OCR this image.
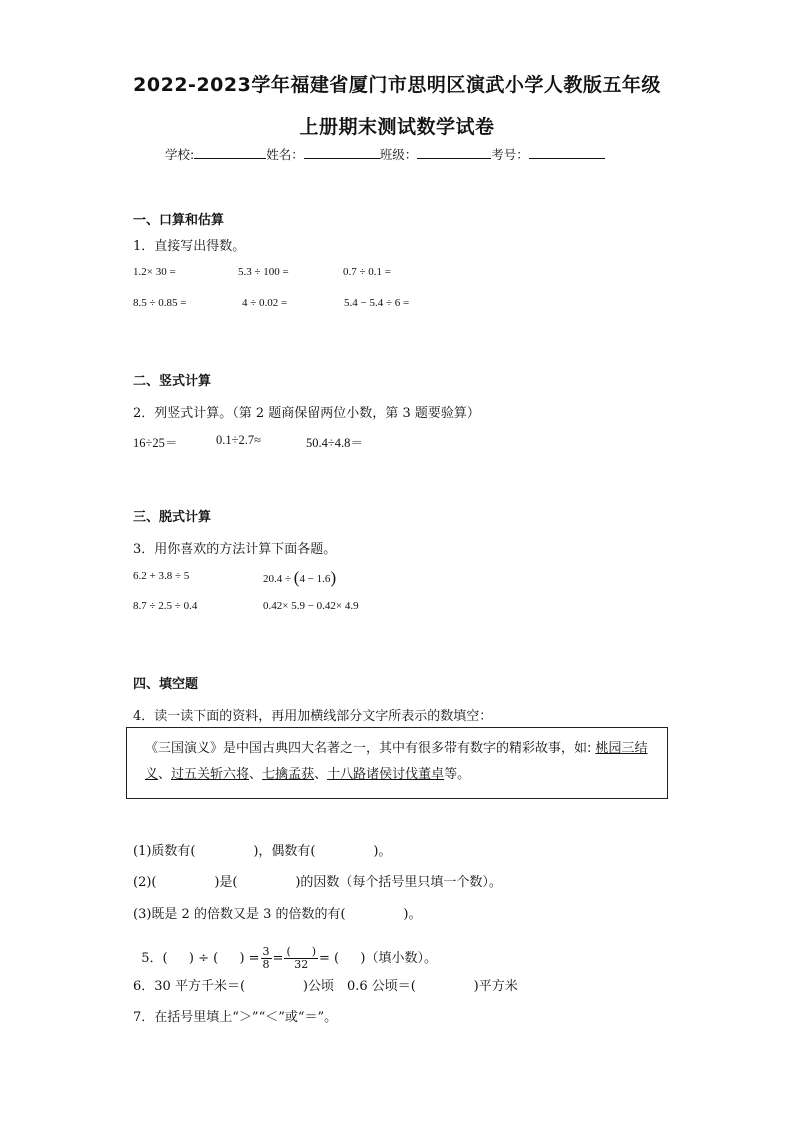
2022-2023学年福建省厦门市思明区演武小学人教版五年级
上册期末测试数学试卷
学校:	姓名：	班级：	考号：
一、口算和估算
1．直接写出得数。
1.2× 30 =	5.3 ÷ 100 =	0.7 ÷ 0.1 =
8.5 ÷ 0.85 =	4 ÷ 0.02 =	5.4 − 5.4 ÷ 6 =
二、竖式计算
2．列竖式计算。（第 2 题商保留两位小数，第 3 题要验算）
16÷25＝	0.1÷2.7≈	50.4÷4.8＝
三、脱式计算
3．用你喜欢的方法计算下面各题。
6.2 + 3.8 ÷ 5	20.4 ÷ (4 − 1.6)
8.7 ÷ 2.5 ÷ 0.4	0.42× 5.9 − 0.42× 4.9
四、填空题
4．读一读下面的资料，再用加横线部分文字所表示的数填空：
《三国演义》是中国古典四大名著之一，其中有很多带有数字的精彩故事，如: 桃园三结义、过五关斩六将、七擒孟获、十八路诸侯讨伐董卓等。
(1)质数有(              )，偶数有(              )。
(2)(              )是(              )的因数（每个括号里只填一个数）。
(3)既是 2 的倍数又是 3 的倍数的有(              )。

5．(　  ) ÷ (　  ) = $\frac{3}{8} = \frac{( )}{32}$ = (　  )（填小数）。

6．30 平方千米＝(              )公顷　0.6 公顷＝(              )平方米
7．在括号里填上“＞”“＜”或“＝”。
